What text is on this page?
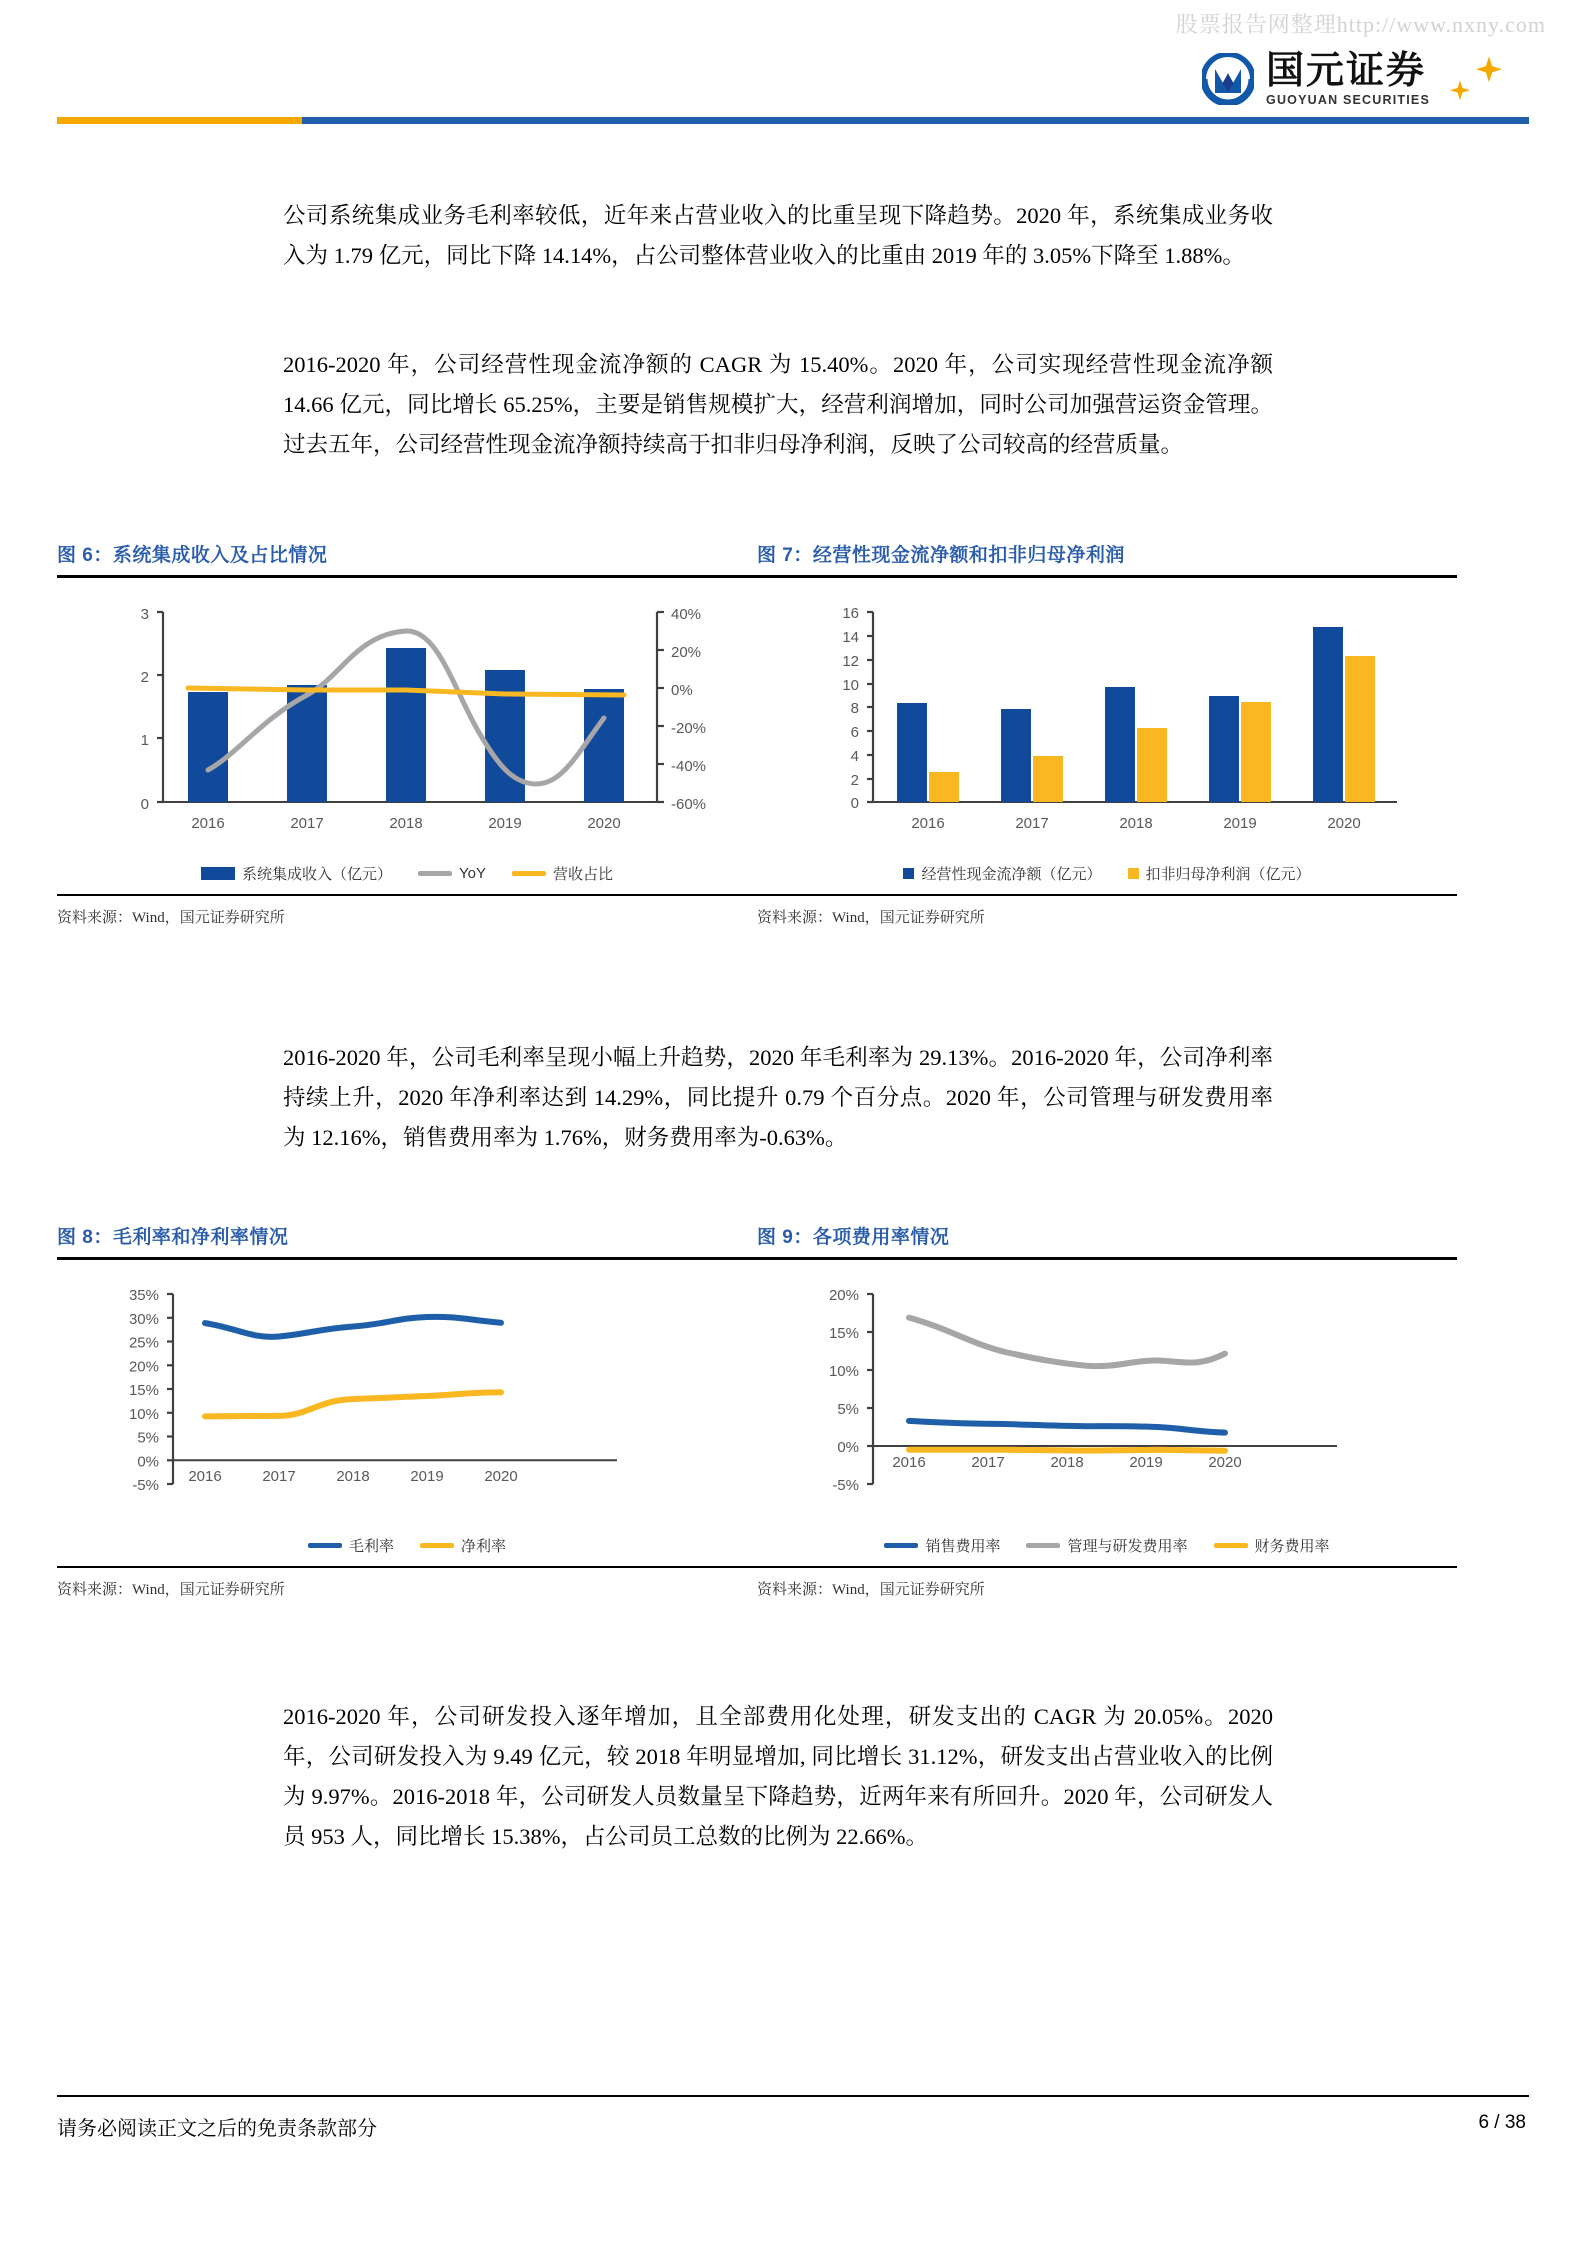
股票报告网整理http://www.nxny.com
国元证券
GUOYUAN SECURITIES

公司系统集成业务毛利率较低，近年来占营业收入的比重呈现下降趋势。2020 年，系统集成业务收入为 1.79 亿元，同比下降 14.14%，占公司整体营业收入的比重由 2019 年的 3.05%下降至 1.88%。

2016-2020 年，公司经营性现金流净额的 CAGR 为 15.40%。2020 年，公司实现经营性现金流净额 14.66 亿元，同比增长 65.25%，主要是销售规模扩大，经营利润增加，同时公司加强营运资金管理。过去五年，公司经营性现金流净额持续高于扣非归母净利润，反映了公司较高的经营质量。

图 6：系统集成收入及占比情况
3
2
1
0
40%
20%
0%
-20%
-40%
-60%
2016	2017	2018	2019	2020
系统集成收入（亿元）	YoY	营收占比
资料来源：Wind，国元证券研究所
图 7：经营性现金流净额和扣非归母净利润
16
14
12
10
8
6
4
2
0
2016	2017	2018	2019	2020
经营性现金流净额（亿元）	扣非归母净利润（亿元）
资料来源：Wind，国元证券研究所

2016-2020 年，公司毛利率呈现小幅上升趋势，2020 年毛利率为 29.13%。2016-2020 年，公司净利率持续上升，2020 年净利率达到 14.29%，同比提升 0.79 个百分点。2020 年，公司管理与研发费用率为 12.16%，销售费用率为 1.76%，财务费用率为-0.63%。

图 8：毛利率和净利率情况
35%
30%
25%
20%
15%
10%
5%
0%
-5%
2016	2017	2018	2019	2020
毛利率	净利率
资料来源：Wind，国元证券研究所
图 9：各项费用率情况
20%
15%
10%
5%
0%
-5%
2016	2017	2018	2019	2020
销售费用率	管理与研发费用率	财务费用率
资料来源：Wind，国元证券研究所

2016-2020 年，公司研发投入逐年增加，且全部费用化处理，研发支出的 CAGR 为 20.05%。2020 年，公司研发投入为 9.49 亿元，较 2018 年明显增加, 同比增长 31.12%，研发支出占营业收入的比例为 9.97%。2016-2018 年，公司研发人员数量呈下降趋势，近两年来有所回升。2020 年，公司研发人员 953 人，同比增长 15.38%，占公司员工总数的比例为 22.66%。

请务必阅读正文之后的免责条款部分	6 / 38
